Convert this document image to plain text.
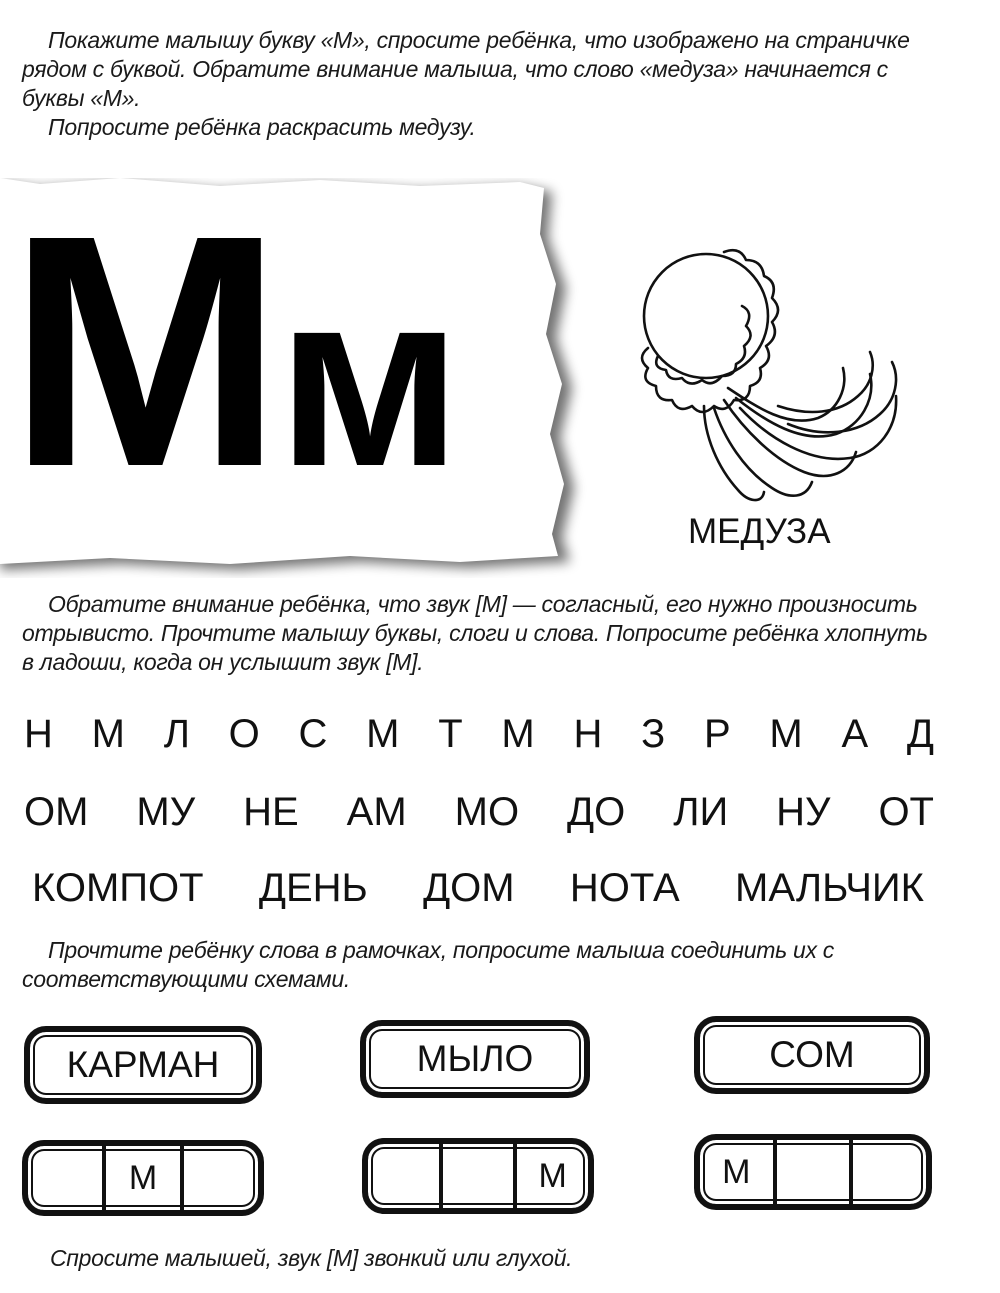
Покажите малышу букву «М», спросите ребёнка, что изображено на страничке рядом с буквой. Обратите внимание малыша, что слово «медуза» начинается с буквы «М».

Попросите ребёнка раскрасить медузу.

Мм
МЕДУЗА

Обратите внимание ребёнка, что звук [М] — согласный, его нужно произносить отрывисто. Прочтите малышу буквы, слоги и слова. Попросите ребёнка хлопнуть в ладоши, когда он услышит звук [М].

Н М Л О С М Т М Н З Р М А Д
ОМ МУ НЕ АМ МО ДО ЛИ НУ ОТ
КОМПОТ ДЕНЬ ДОМ НОТА МАЛЬЧИК

Прочтите ребёнку слова в рамочках, попросите малыша соединить их с соответствующими схемами.

КАРМАН	МЫЛО	СОМ
М	М	М

Спросите малышей, звук [М] звонкий или глухой.
